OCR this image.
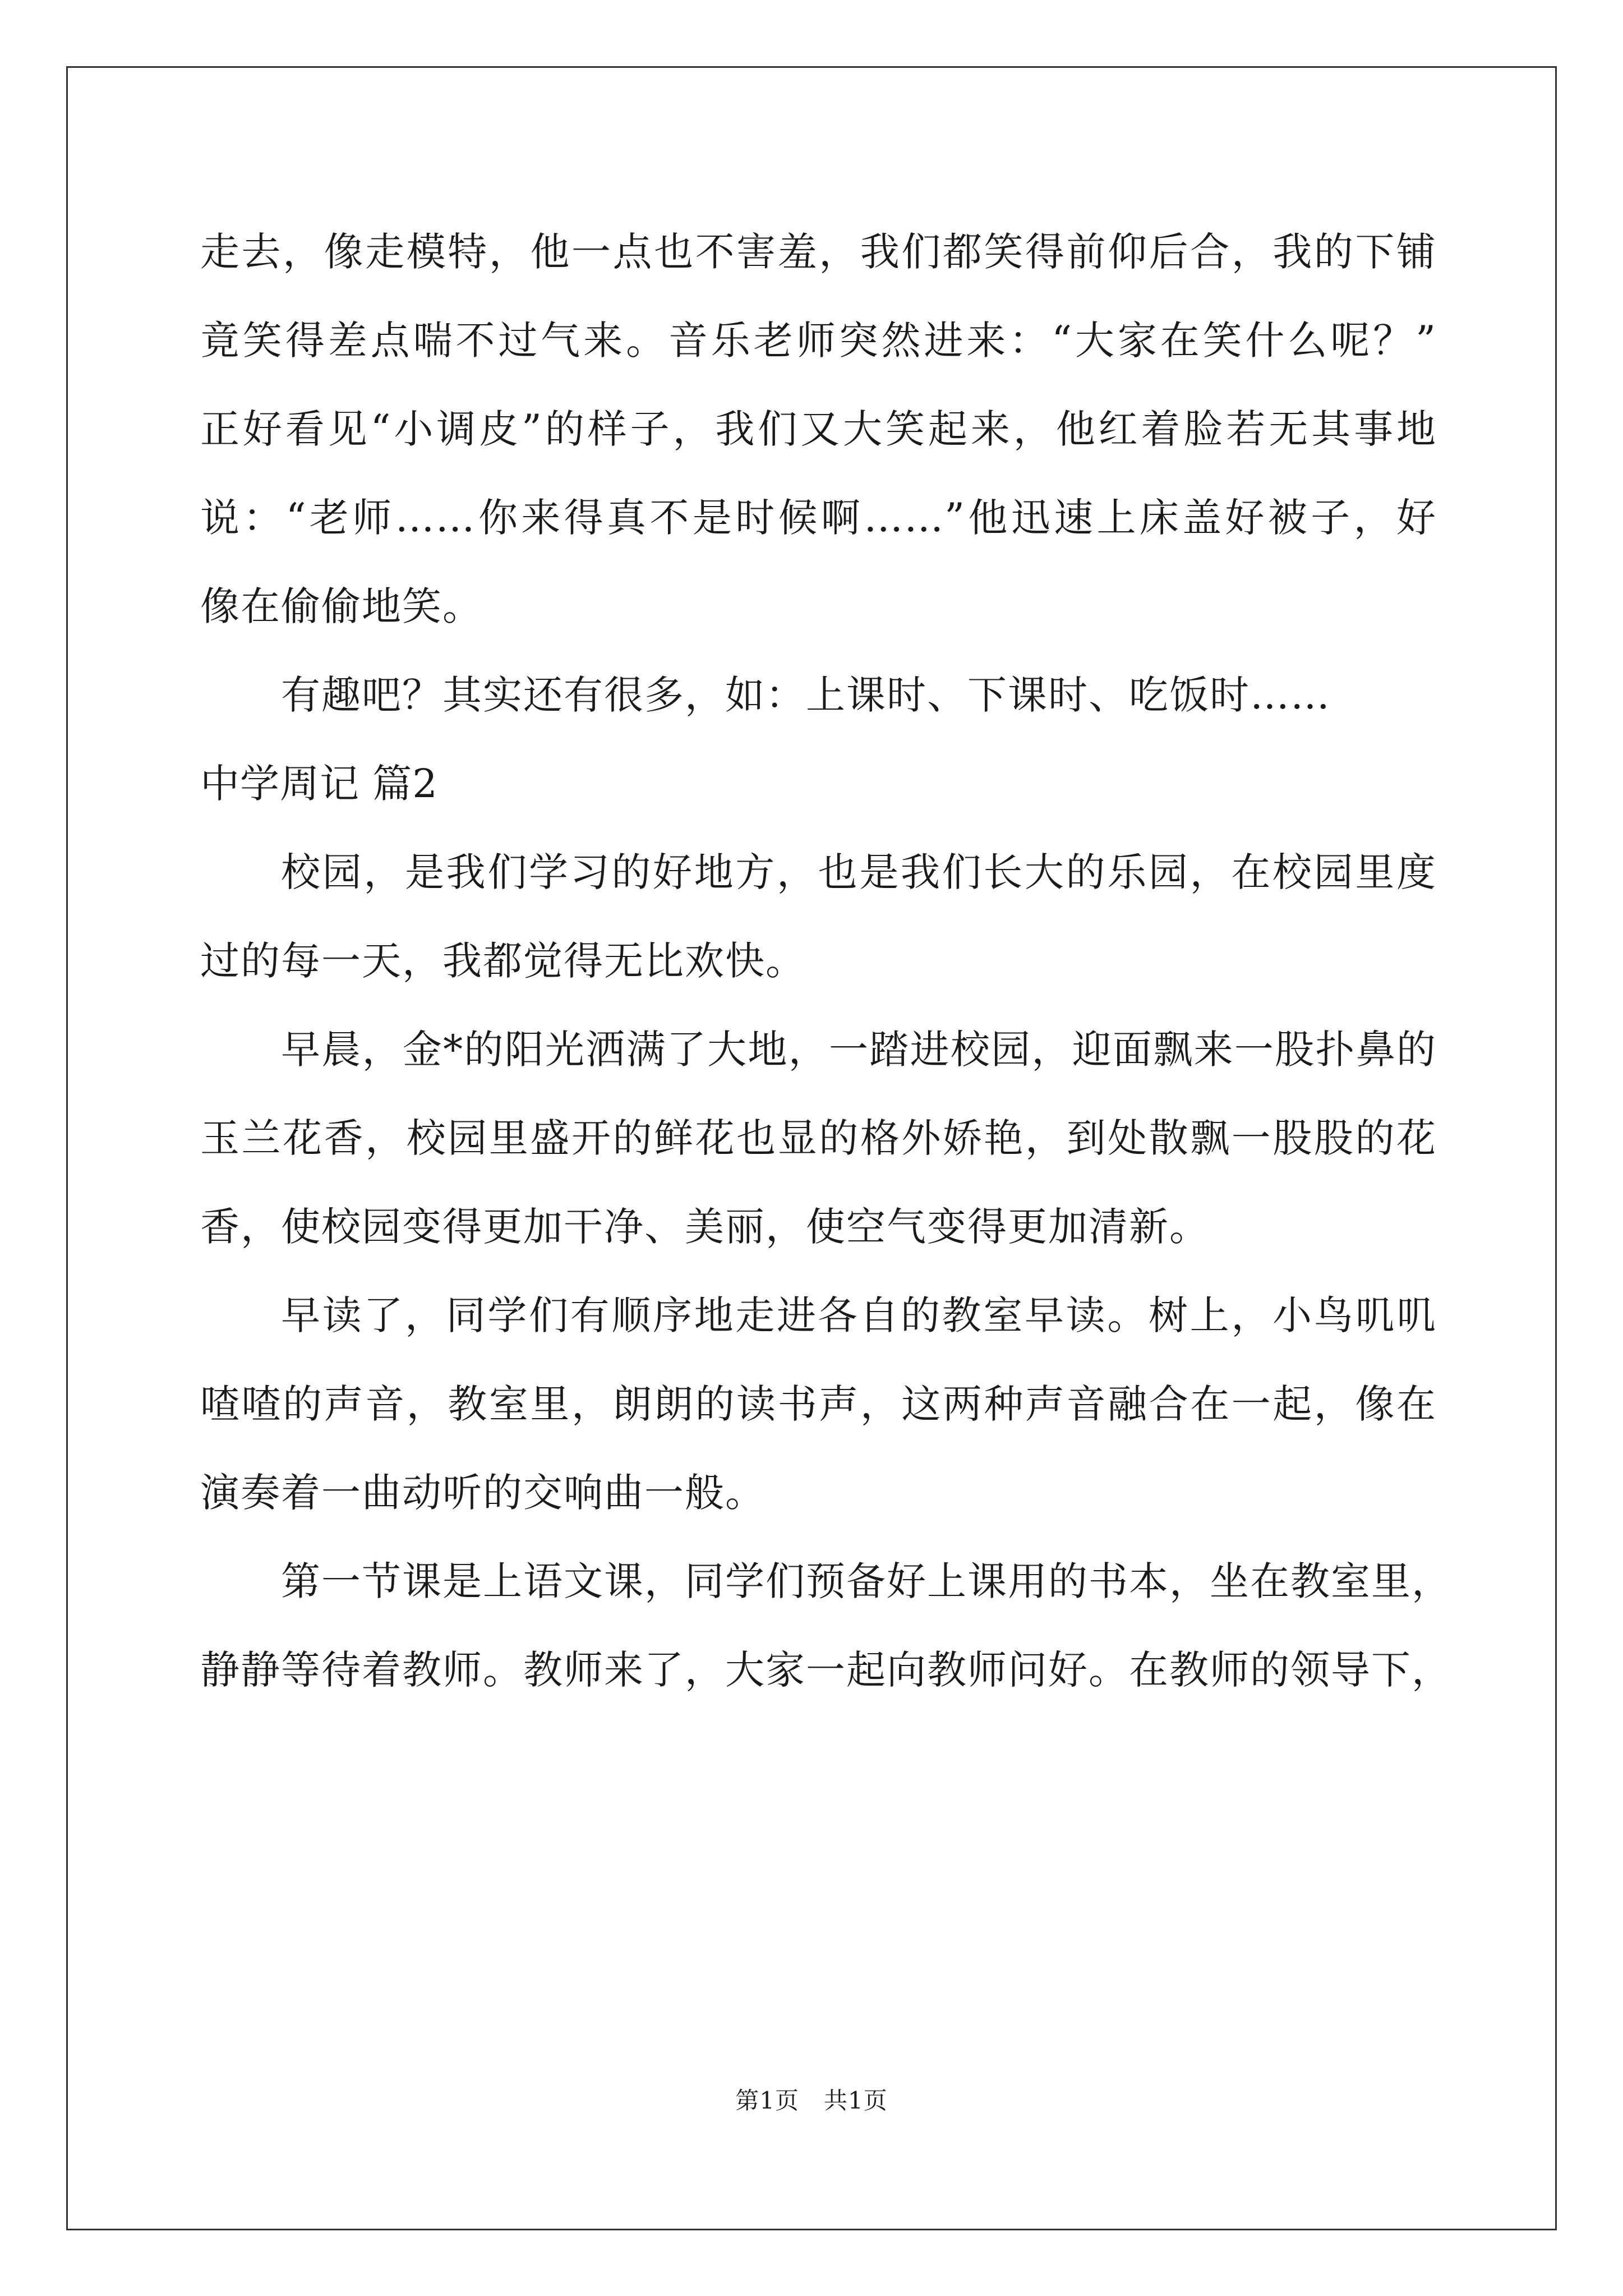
走去，像走模特，他一点也不害羞，我们都笑得前仰后合，我的下铺
竟笑得差点喘不过气来。音乐老师突然进来：“大家在笑什么呢？”
正好看见“小调皮”的样子，我们又大笑起来，他红着脸若无其事地
说：“老师……你来得真不是时候啊……”他迅速上床盖好被子，好
像在偷偷地笑。
有趣吧？其实还有很多，如：上课时、下课时、吃饭时……
中学周记 篇2
校园，是我们学习的好地方，也是我们长大的乐园，在校园里度
过的每一天，我都觉得无比欢快。
早晨，金*的阳光洒满了大地，一踏进校园，迎面飘来一股扑鼻的
玉兰花香，校园里盛开的鲜花也显的格外娇艳，到处散飘一股股的花
香，使校园变得更加干净、美丽，使空气变得更加清新。
早读了，同学们有顺序地走进各自的教室早读。树上，小鸟叽叽
喳喳的声音，教室里，朗朗的读书声，这两种声音融合在一起，像在
演奏着一曲动听的交响曲一般。
第一节课是上语文课，同学们预备好上课用的书本，坐在教室里，
静静等待着教师。教师来了，大家一起向教师问好。在教师的领导下，
第1页 共1页
